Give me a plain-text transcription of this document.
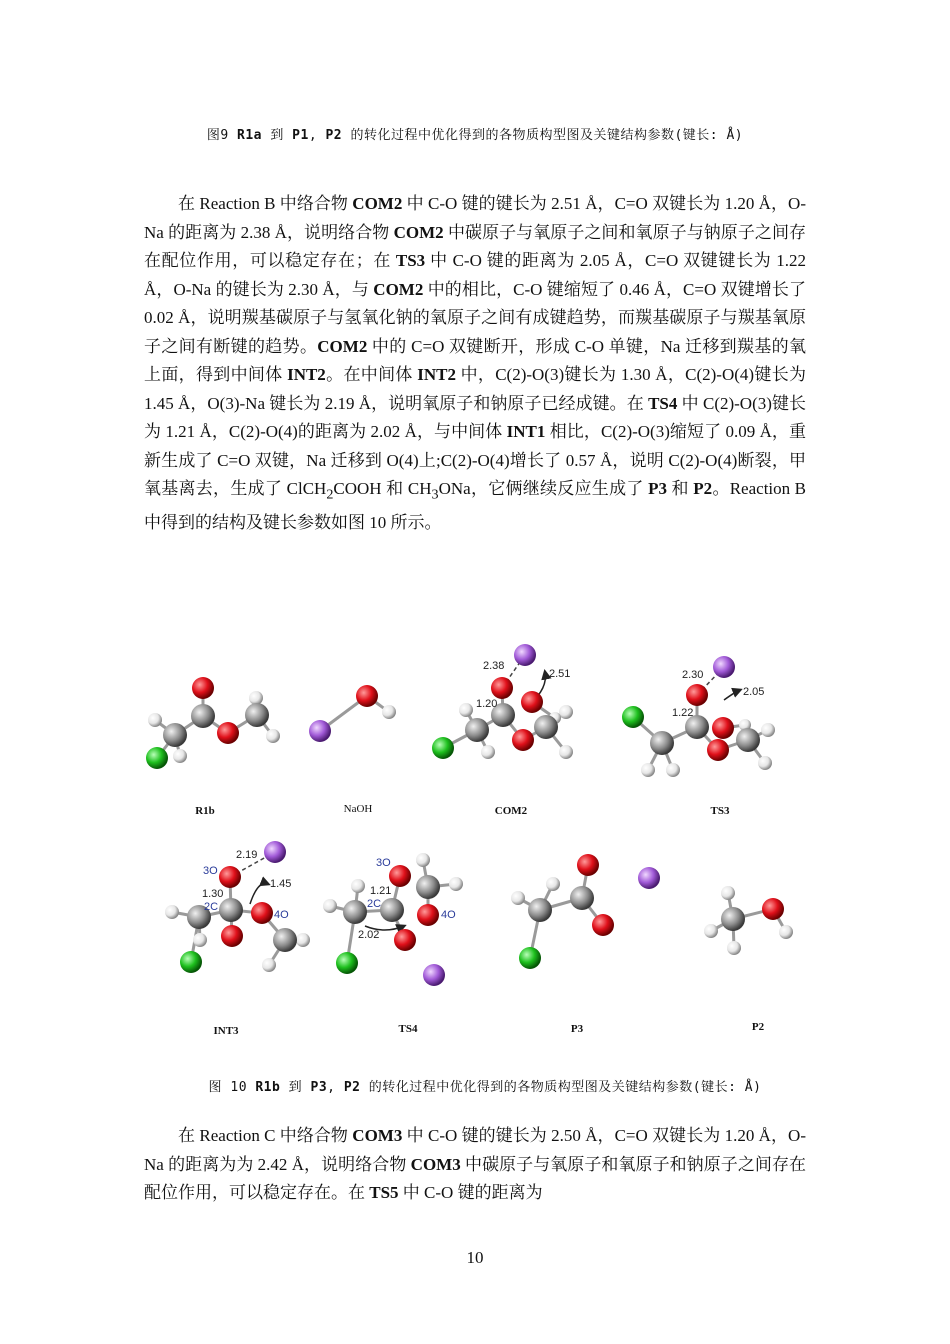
图9 R1a 到 P1, P2 的转化过程中优化得到的各物质构型图及关键结构参数(键长: Å)
在 Reaction B 中络合物 COM2 中 C-O 键的键长为 2.51 Å，C=O 双键长为 1.20 Å，O-Na 的距离为 2.38 Å，说明络合物 COM2 中碳原子与氧原子之间和氧原子与钠原子之间存在配位作用，可以稳定存在；在 TS3 中 C-O 键的距离为 2.05 Å，C=O 双键键长为 1.22 Å，O-Na 的键长为 2.30 Å，与 COM2 中的相比，C-O 键缩短了 0.46 Å，C=O 双键增长了 0.02 Å，说明羰基碳原子与氢氧化钠的氧原子之间有成键趋势，而羰基碳原子与羰基氧原子之间有断键的趋势。COM2 中的 C=O 双键断开，形成 C-O 单键，Na 迁移到羰基的氧上面，得到中间体 INT2。在中间体 INT2 中，C(2)-O(3)键长为 1.30 Å，C(2)-O(4)键长为 1.45 Å，O(3)-Na 键长为 2.19 Å，说明氧原子和钠原子已经成键。在 TS4 中 C(2)-O(3)键长为 1.21 Å，C(2)-O(4)的距离为 2.02 Å，与中间体 INT1 相比，C(2)-O(3)缩短了 0.09 Å，重新生成了 C=O 双键，Na 迁移到 O(4)上;C(2)-O(4)增长了 0.57 Å，说明 C(2)-O(4)断裂，甲氧基离去，生成了 ClCH$_2$COOH 和 $CH_3ONa$，它俩继续反应生成了 P3 和 P2。Reaction B 中得到的结构及键长参数如图 10 所示。
2.38
2.51
1.20
2.30
2.05
1.22
2.19
1.45
1.30	1.21
2.02
3O
2C
4O
3O
2C
4O
R1b	NaOH	COM2	TS3
INT3	TS4	P3	P2
图 10 R1b 到 P3, P2 的转化过程中优化得到的各物质构型图及关键结构参数(键长: Å)
在 Reaction C 中络合物 COM3 中 C-O 键的键长为 2.50 Å，C=O 双键长为 1.20 Å，O-Na 的距离为为 2.42 Å，说明络合物 COM3 中碳原子与氧原子和氧原子和钠原子之间存在配位作用，可以稳定存在。在 TS5 中 C-O 键的距离为
10
